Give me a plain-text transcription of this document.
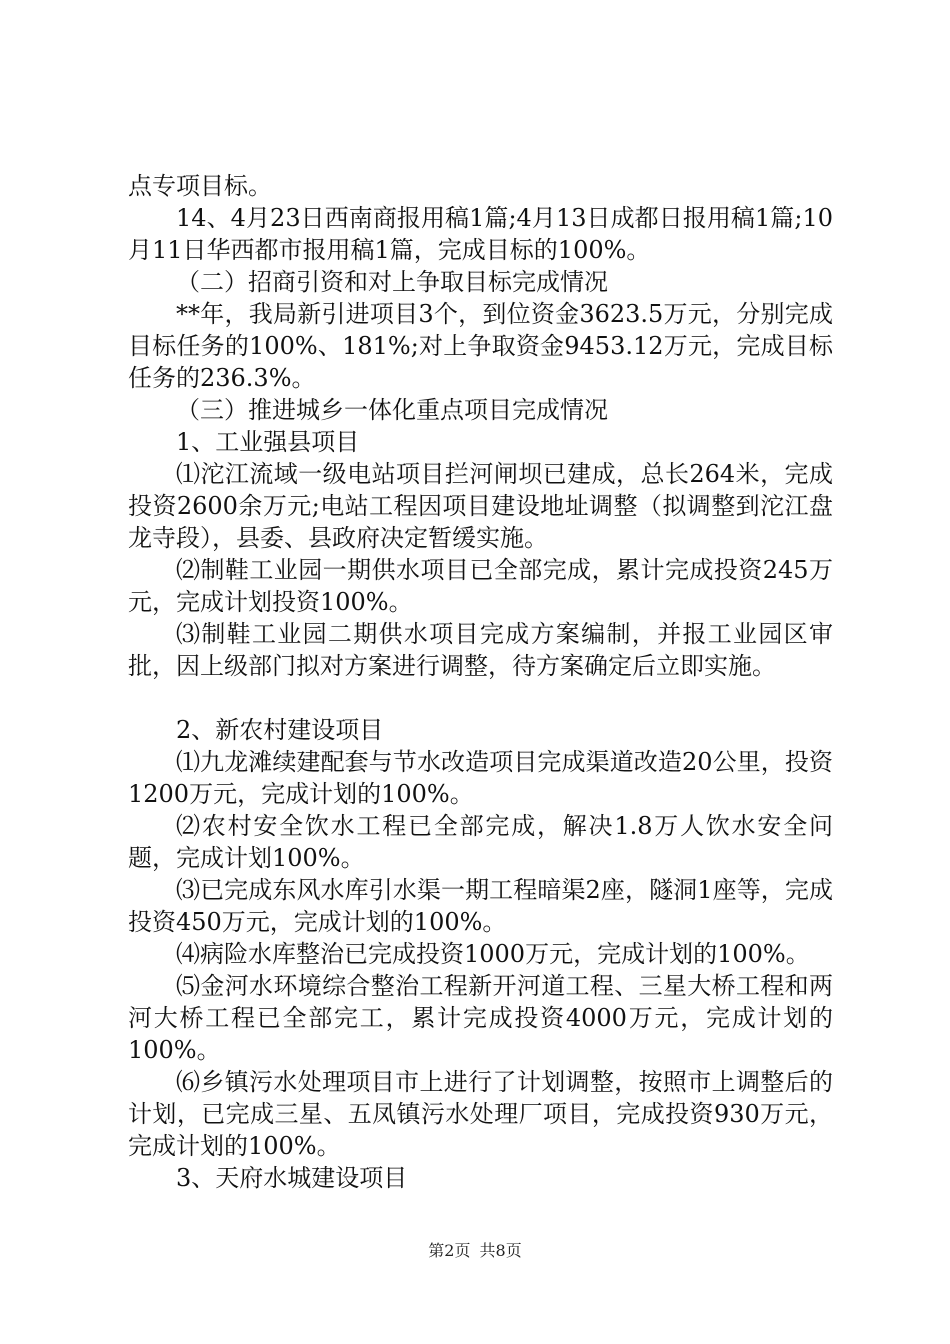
点专项目标。

14、4月23日西南商报用稿1篇;4月13日成都日报用稿1篇;10月11日华西都市报用稿1篇，完成目标的100%。

（二）招商引资和对上争取目标完成情况

**年，我局新引进项目3个，到位资金3623.5万元，分别完成目标任务的100%、181%;对上争取资金9453.12万元，完成目标任务的236.3%。

（三）推进城乡一体化重点项目完成情况

1、工业强县项目

⑴沱江流域一级电站项目拦河闸坝已建成，总长264米，完成投资2600余万元;电站工程因项目建设地址调整（拟调整到沱江盘龙寺段），县委、县政府决定暂缓实施。

⑵制鞋工业园一期供水项目已全部完成，累计完成投资245万元，完成计划投资100%。

⑶制鞋工业园二期供水项目完成方案编制，并报工业园区审批，因上级部门拟对方案进行调整，待方案确定后立即实施。

2、新农村建设项目

⑴九龙滩续建配套与节水改造项目完成渠道改造20公里，投资1200万元，完成计划的100%。

⑵农村安全饮水工程已全部完成，解决1.8万人饮水安全问题，完成计划100%。

⑶已完成东风水库引水渠一期工程暗渠2座，隧洞1座等，完成投资450万元，完成计划的100%。

⑷病险水库整治已完成投资1000万元，完成计划的100%。

⑸金河水环境综合整治工程新开河道工程、三星大桥工程和两河大桥工程已全部完工，累计完成投资4000万元，完成计划的100%。

⑹乡镇污水处理项目市上进行了计划调整，按照市上调整后的计划，已完成三星、五凤镇污水处理厂项目，完成投资930万元，完成计划的100%。

3、天府水城建设项目

第2页 共8页
